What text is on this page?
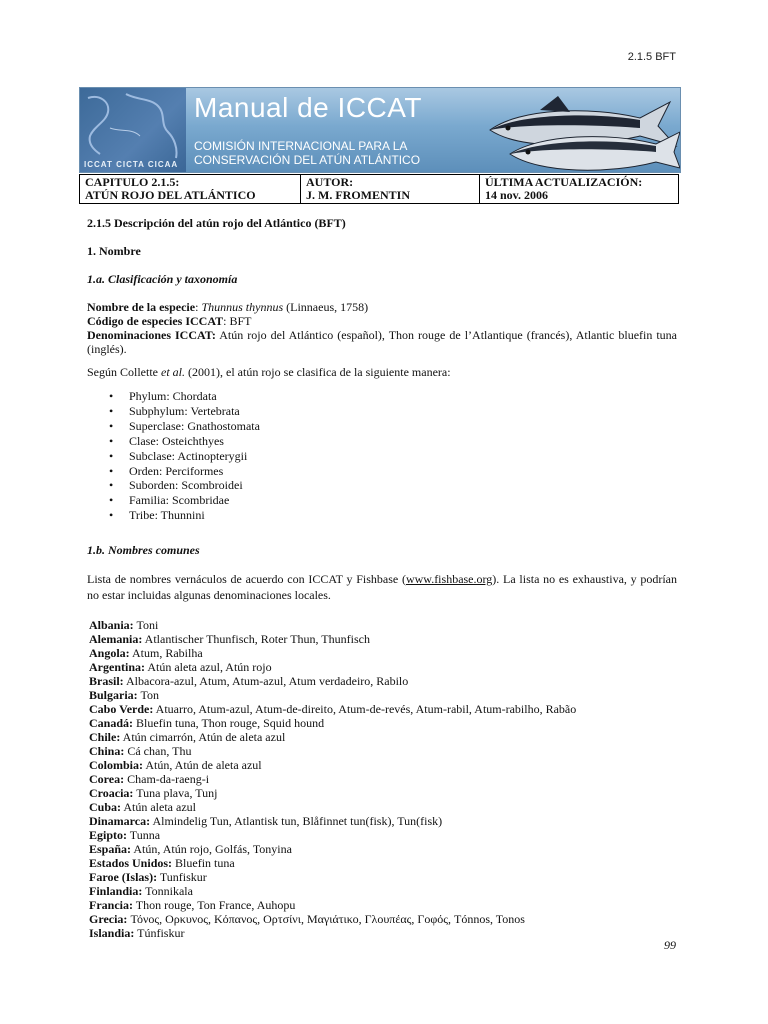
2.1.5 BFT
ICCAT CICTA CICAA
Manual de ICCAT
COMISIÓN INTERNACIONAL PARA LA
CONSERVACIÓN DEL ATÚN ATLÁNTICO
CAPITULO 2.1.5:
ATÚN ROJO DEL ATLÁNTICO

AUTOR:
J. M. FROMENTIN

ÚLTIMA ACTUALIZACIÓN:
14 nov. 2006

2.1.5 Descripción del atún rojo del Atlántico (BFT)

1. Nombre

1.a. Clasificación y taxonomía

Nombre de la especie: Thunnus thynnus (Linnaeus, 1758)

Código de especies ICCAT: BFT

Denominaciones ICCAT: Atún rojo del Atlántico (español), Thon rouge de l’Atlantique (francés), Atlantic bluefin tuna (inglés).

Según Collette et al. (2001), el atún rojo se clasifica de la siguiente manera:

• Phylum: Chordata
• Subphylum: Vertebrata
• Superclase: Gnathostomata
• Clase: Osteichthyes
• Subclase: Actinopterygii
• Orden: Perciformes
• Suborden: Scombroidei
• Familia: Scombridae
• Tribe: Thunnini

1.b. Nombres comunes

Lista de nombres vernáculos de acuerdo con ICCAT y Fishbase (www.fishbase.org). La lista no es exhaustiva, y podrían no estar incluidas algunas denominaciones locales.

Albania: Toni
Alemania: Atlantischer Thunfisch, Roter Thun, Thunfisch
Angola: Atum, Rabilha
Argentina: Atún aleta azul, Atún rojo
Brasil: Albacora-azul, Atum, Atum-azul, Atum verdadeiro, Rabilo
Bulgaria: Ton
Cabo Verde: Atuarro, Atum-azul, Atum-de-direito, Atum-de-revés, Atum-rabil, Atum-rabilho, Rabão
Canadá: Bluefin tuna, Thon rouge, Squid hound
Chile: Atún cimarrón, Atún de aleta azul
China: Cá chan, Thu
Colombia: Atún, Atún de aleta azul
Corea: Cham-da-raeng-i
Croacia: Tuna plava, Tunj
Cuba: Atún aleta azul
Dinamarca: Almindelig Tun, Atlantisk tun, Blåfinnet tun(fisk), Tun(fisk)
Egipto: Tunna
España: Atún, Atún rojo, Golfás, Tonyina
Estados Unidos: Bluefin tuna
Faroe (Islas): Tunfiskur
Finlandia: Tonnikala
Francia: Thon rouge, Ton France, Auhopu
Grecia: Τόνος, Ορκυνος, Κόπανος, Ορτσίνι, Μαγιάτικο, Γλουπέας, Γοφός, Tónnos, Tonos
Islandia: Túnfiskur
99
